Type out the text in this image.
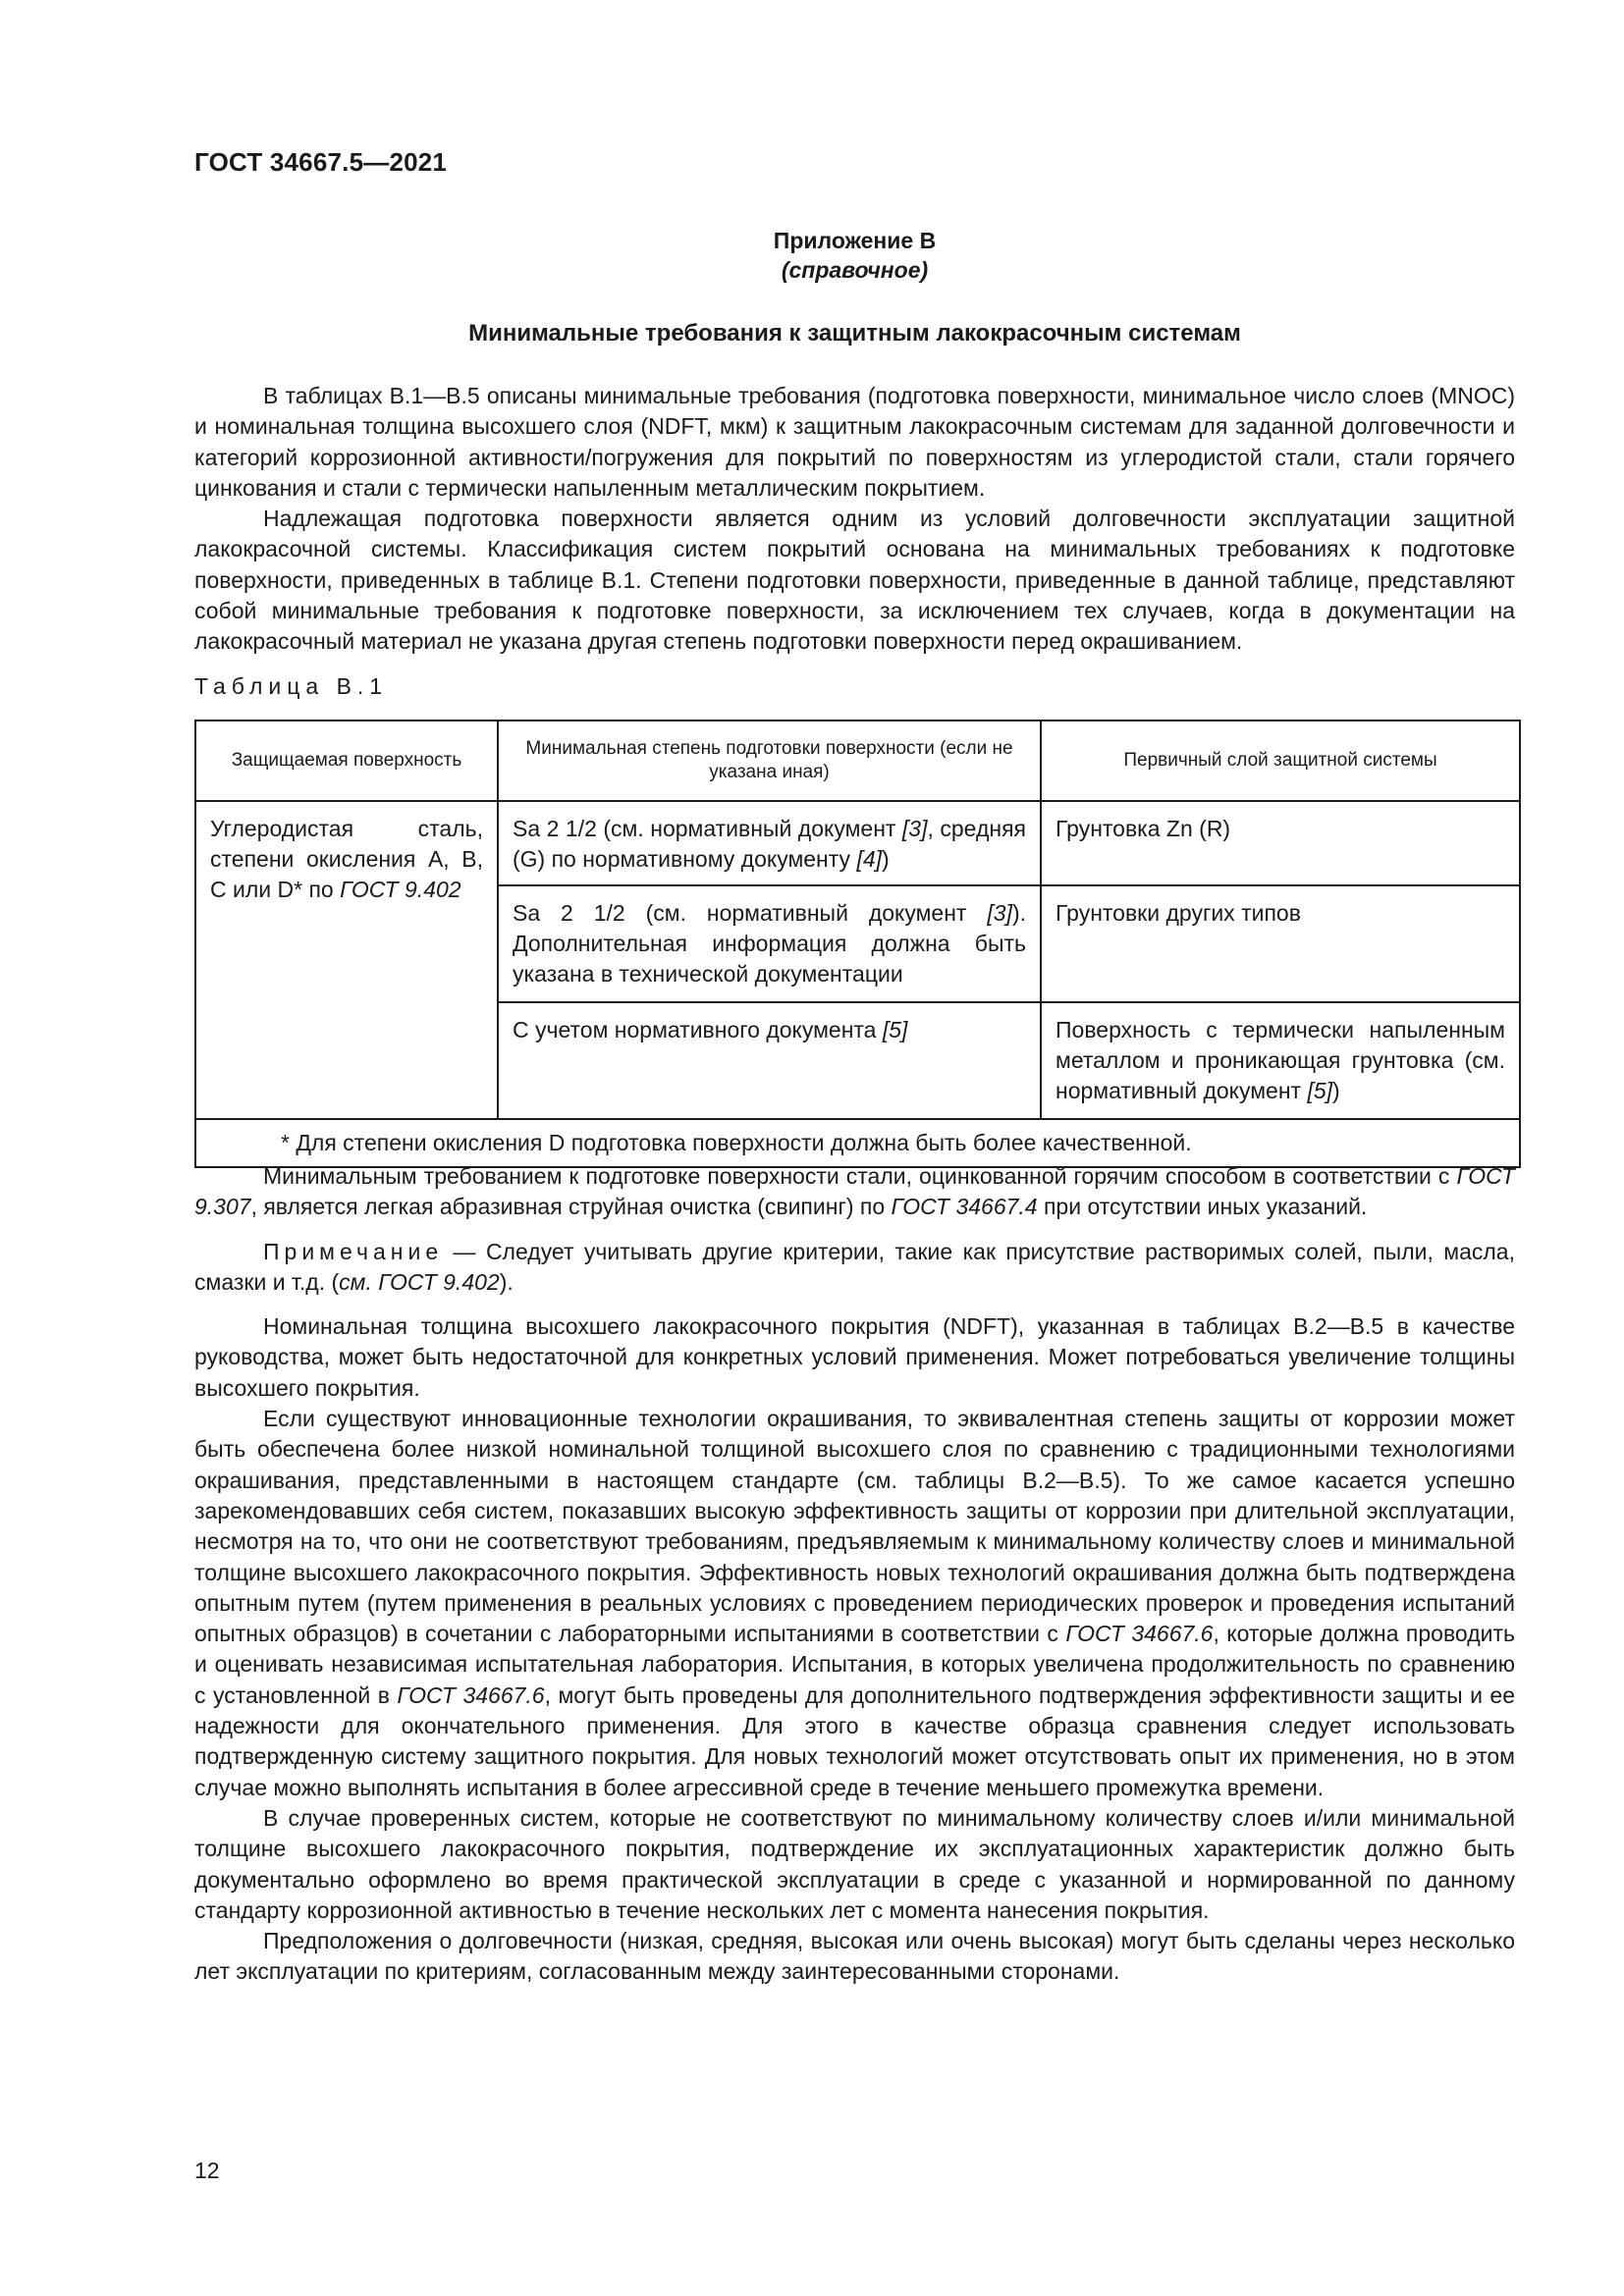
ГОСТ 34667.5—2021
Приложение В
(справочное)
Минимальные требования к защитным лакокрасочным системам

В таблицах В.1—В.5 описаны минимальные требования (подготовка поверхности, минимальное число слоев (MNOC) и номинальная толщина высохшего слоя (NDFT, мкм) к защитным лакокрасочным системам для заданной долговечности и категорий коррозионной активности/погружения для покрытий по поверхностям из углеродистой стали, стали горячего цинкования и стали с термически напыленным металлическим покрытием.

Надлежащая подготовка поверхности является одним из условий долговечности эксплуатации защитной лакокрасочной системы. Классификация систем покрытий основана на минимальных требованиях к подготовке поверхности, приведенных в таблице В.1. Степени подготовки поверхности, приведенные в данной таблице, представляют собой минимальные требования к подготовке поверхности, за исключением тех случаев, когда в документации на лакокрасочный материал не указана другая степень подготовки поверхности перед окрашиванием.

Таблица В.1
Защищаемая поверхность	Минимальная степень подготовки поверхности (если не указана иная)	Первичный слой защитной системы
Углеродистая сталь, степени окисления А, В, С или D* по ГОСТ 9.402	Sa 2 1/2 (см. нормативный документ [3], средняя (G) по нормативному документу [4])	Грунтовка Zn (R)
	Sa 2 1/2 (см. нормативный документ [3]). Дополнительная информация должна быть указана в технической документации	Грунтовки других типов
	С учетом нормативного документа [5]	Поверхность с термически напыленным металлом и проникающая грунтовка (см. нормативный документ [5])
* Для степени окисления D подготовка поверхности должна быть более качественной.		

Минимальным требованием к подготовке поверхности стали, оцинкованной горячим способом в соответствии с ГОСТ 9.307, является легкая абразивная струйная очистка (свипинг) по ГОСТ 34667.4 при отсутствии иных указаний.

Примечание — Следует учитывать другие критерии, такие как присутствие растворимых солей, пыли, масла, смазки и т.д. (см. ГОСТ 9.402).

Номинальная толщина высохшего лакокрасочного покрытия (NDFT), указанная в таблицах В.2—В.5 в качестве руководства, может быть недостаточной для конкретных условий применения. Может потребоваться увеличение толщины высохшего покрытия.

Если существуют инновационные технологии окрашивания, то эквивалентная степень защиты от коррозии может быть обеспечена более низкой номинальной толщиной высохшего слоя по сравнению с традиционными технологиями окрашивания, представленными в настоящем стандарте (см. таблицы В.2—В.5). То же самое касается успешно зарекомендовавших себя систем, показавших высокую эффективность защиты от коррозии при длительной эксплуатации, несмотря на то, что они не соответствуют требованиям, предъявляемым к минимальному количеству слоев и минимальной толщине высохшего лакокрасочного покрытия. Эффективность новых технологий окрашивания должна быть подтверждена опытным путем (путем применения в реальных условиях с проведением периодических проверок и проведения испытаний опытных образцов) в сочетании с лабораторными испытаниями в соответствии с ГОСТ 34667.6, которые должна проводить и оценивать независимая испытательная лаборатория. Испытания, в которых увеличена продолжительность по сравнению с установленной в ГОСТ 34667.6, могут быть проведены для дополнительного подтверждения эффективности защиты и ее надежности для окончательного применения. Для этого в качестве образца сравнения следует использовать подтвержденную систему защитного покрытия. Для новых технологий может отсутствовать опыт их применения, но в этом случае можно выполнять испытания в более агрессивной среде в течение меньшего промежутка времени.

В случае проверенных систем, которые не соответствуют по минимальному количеству слоев и/или минимальной толщине высохшего лакокрасочного покрытия, подтверждение их эксплуатационных характеристик должно быть документально оформлено во время практической эксплуатации в среде с указанной и нормированной по данному стандарту коррозионной активностью в течение нескольких лет с момента нанесения покрытия.

Предположения о долговечности (низкая, средняя, высокая или очень высокая) могут быть сделаны через несколько лет эксплуатации по критериям, согласованным между заинтересованными сторонами.

12
